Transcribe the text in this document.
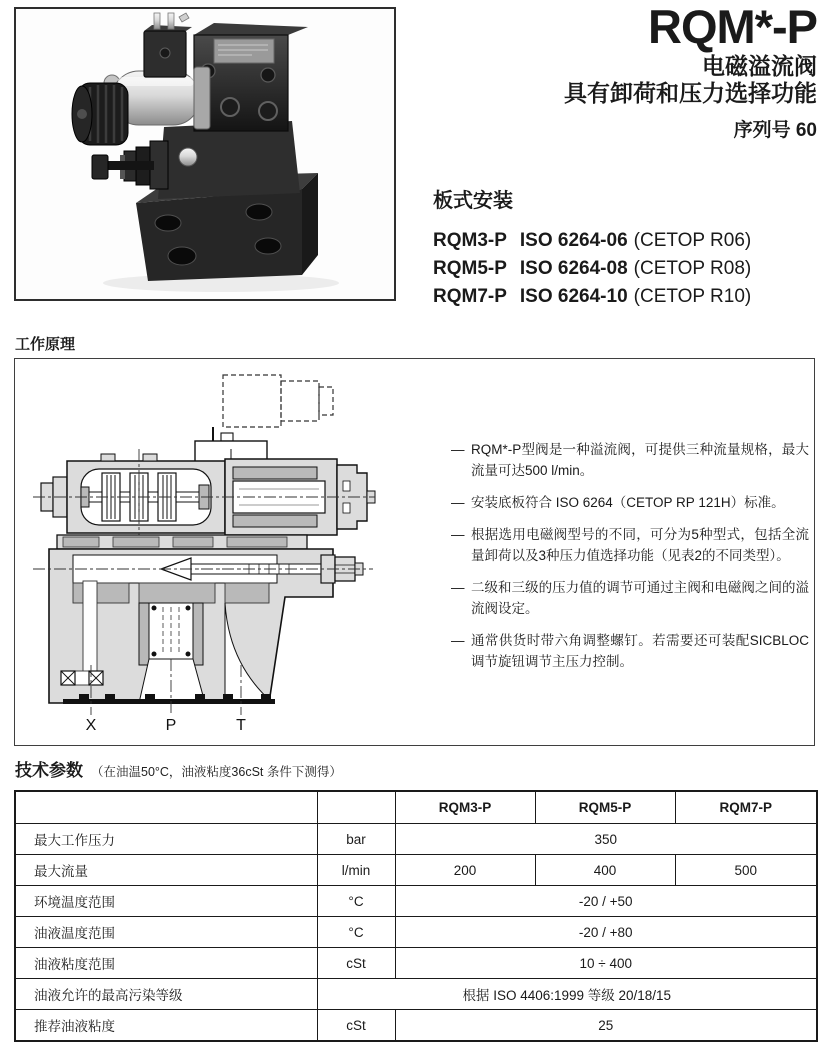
RQM*-P
电磁溢流阀
具有卸荷和压力选择功能
序列号 60
板式安装
RQM3-P ISO 6264-06 (CETOP R06)
RQM5-P ISO 6264-08 (CETOP R08)
RQM7-P ISO 6264-10 (CETOP R10)
工作原理
X	P	T
— RQM*-P型阀是一种溢流阀，可提供三种流量规格，最大流量可达500 l/min。
— 安装底板符合 ISO 6264（CETOP RP 121H）标准。
— 根据选用电磁阀型号的不同，可分为5种型式，包括全流量卸荷以及3种压力值选择功能（见表2的不同类型）。
— 二级和三级的压力值的调节可通过主阀和电磁阀之间的溢流阀设定。
— 通常供货时带六角调整螺钉。若需要还可装配SICBLOC调节旋钮调节主压力控制。
技术参数 （在油温50°C，油液粘度36cSt 条件下测得）
		RQM3-P	RQM5-P	RQM7-P
最大工作压力	bar	350		
最大流量	l/min	200	400	500
环境温度范围	°C	-20 / +50		
油液温度范围	°C	-20 / +80		
油液粘度范围	cSt	10 ÷ 400		
油液允许的最高污染等级	根据 ISO 4406:1999 等级 20/18/15			
推荐油液粘度	cSt	25		
